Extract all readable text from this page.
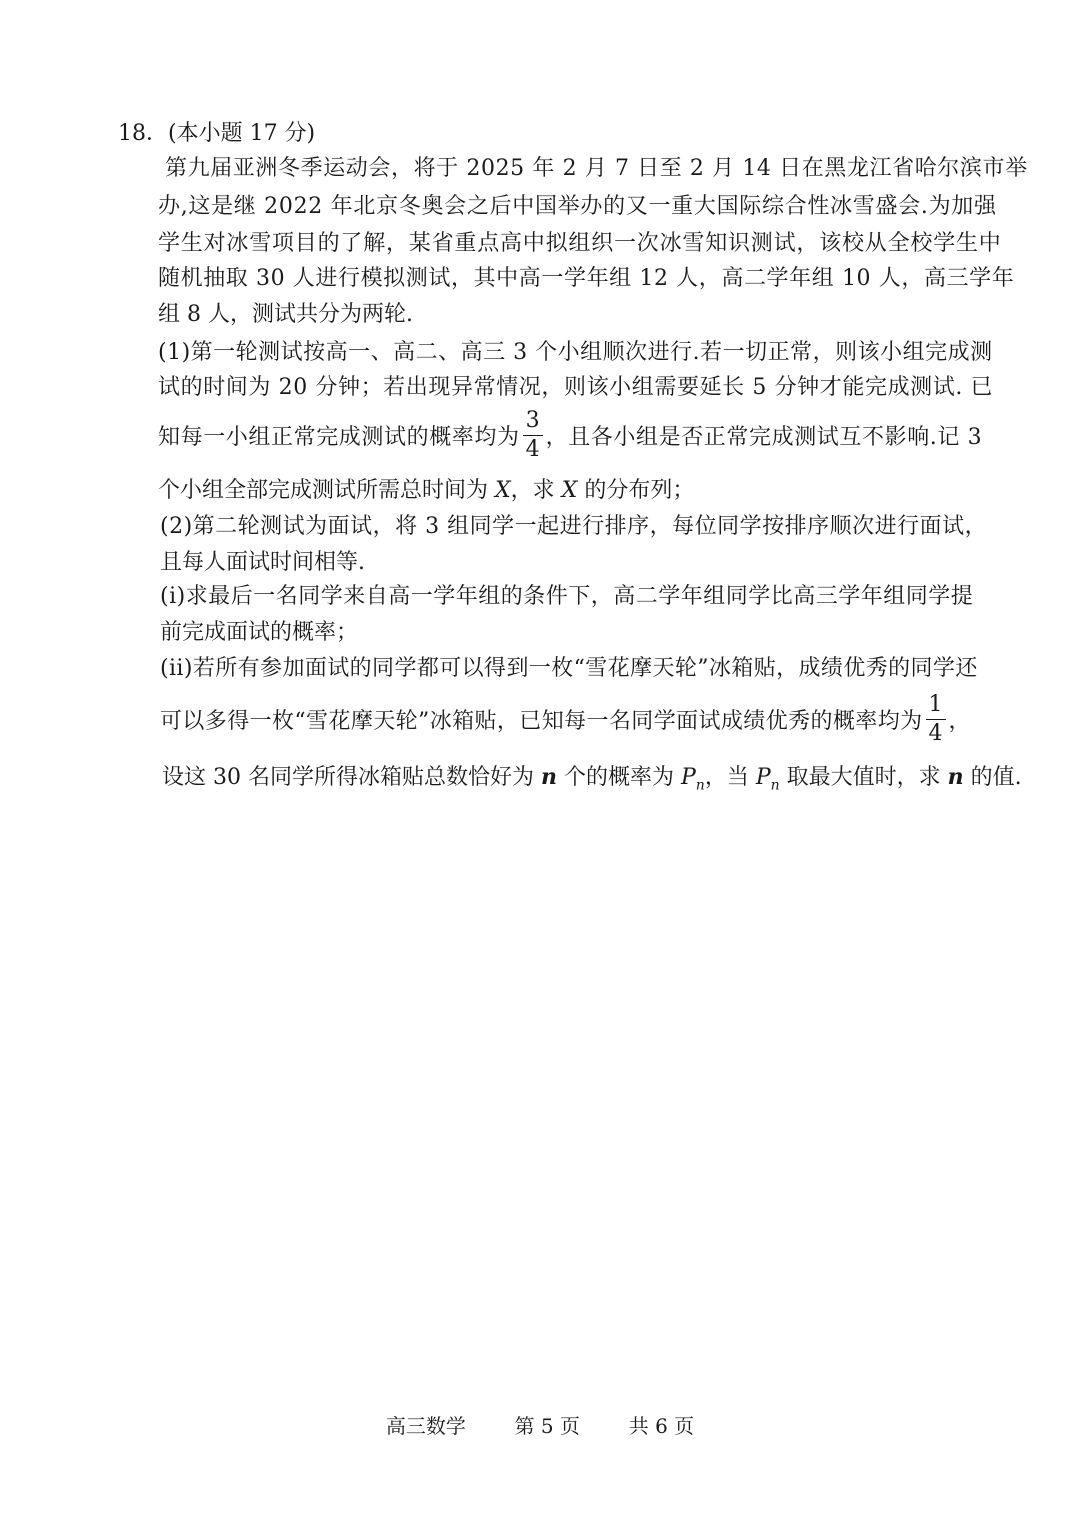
18．(本小题 17 分)
第九届亚洲冬季运动会，将于 2025 年 2 月 7 日至 2 月 14 日在黑龙江省哈尔滨市举
办,这是继 2022 年北京冬奥会之后中国举办的又一重大国际综合性冰雪盛会.为加强
学生对冰雪项目的了解，某省重点高中拟组织一次冰雪知识测试，该校从全校学生中
随机抽取 30 人进行模拟测试，其中高一学年组 12 人，高二学年组 10 人，高三学年
组 8 人，测试共分为两轮.
(1)第一轮测试按高一、高二、高三 3 个小组顺次进行.若一切正常，则该小组完成测
试的时间为 20 分钟；若出现异常情况，则该小组需要延长 5 分钟才能完成测试. 已
知每一小组正常完成测试的概率均为 $\frac{3}{4}$ ，且各小组是否正常完成测试互不影响.记 3
个小组全部完成测试所需总时间为 X，求 X 的分布列；
(2)第二轮测试为面试，将 3 组同学一起进行排序，每位同学按排序顺次进行面试，
且每人面试时间相等.
(i)求最后一名同学来自高一学年组的条件下，高二学年组同学比高三学年组同学提
前完成面试的概率；
(ii)若所有参加面试的同学都可以得到一枚“雪花摩天轮”冰箱贴，成绩优秀的同学还
可以多得一枚“雪花摩天轮”冰箱贴，已知每一名同学面试成绩优秀的概率均为 $\frac{1}{4}$ ，
设这 30 名同学所得冰箱贴总数恰好为 n 个的概率为 $P_n$，当 $P_n$ 取最大值时，求 n 的值.
高三数学 第 5 页 共 6 页
